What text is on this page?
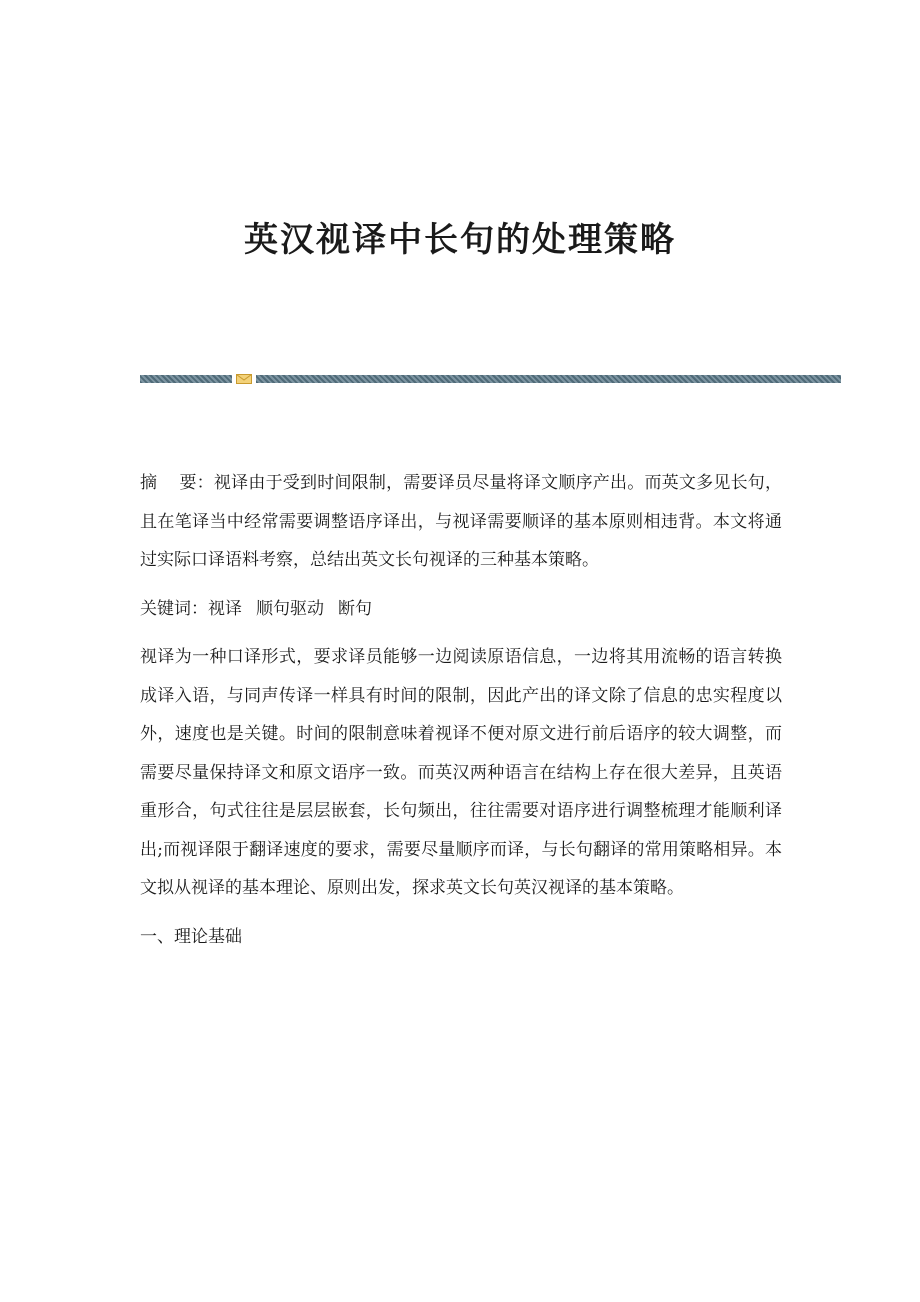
英汉视译中长句的处理策略

摘 要：视译由于受到时间限制，需要译员尽量将译文顺序产出。而英文多见长句，且在笔译当中经常需要调整语序译出，与视译需要顺译的基本原则相违背。本文将通过实际口译语料考察，总结出英文长句视译的三种基本策略。

关键词：视译 顺句驱动 断句

视译为一种口译形式，要求译员能够一边阅读原语信息，一边将其用流畅的语言转换成译入语，与同声传译一样具有时间的限制，因此产出的译文除了信息的忠实程度以外，速度也是关键。时间的限制意味着视译不便对原文进行前后语序的较大调整，而需要尽量保持译文和原文语序一致。而英汉两种语言在结构上存在很大差异，且英语重形合，句式往往是层层嵌套，长句频出，往往需要对语序进行调整梳理才能顺利译出;而视译限于翻译速度的要求，需要尽量顺序而译，与长句翻译的常用策略相异。本文拟从视译的基本理论、原则出发，探求英文长句英汉视译的基本策略。

一、理论基础
